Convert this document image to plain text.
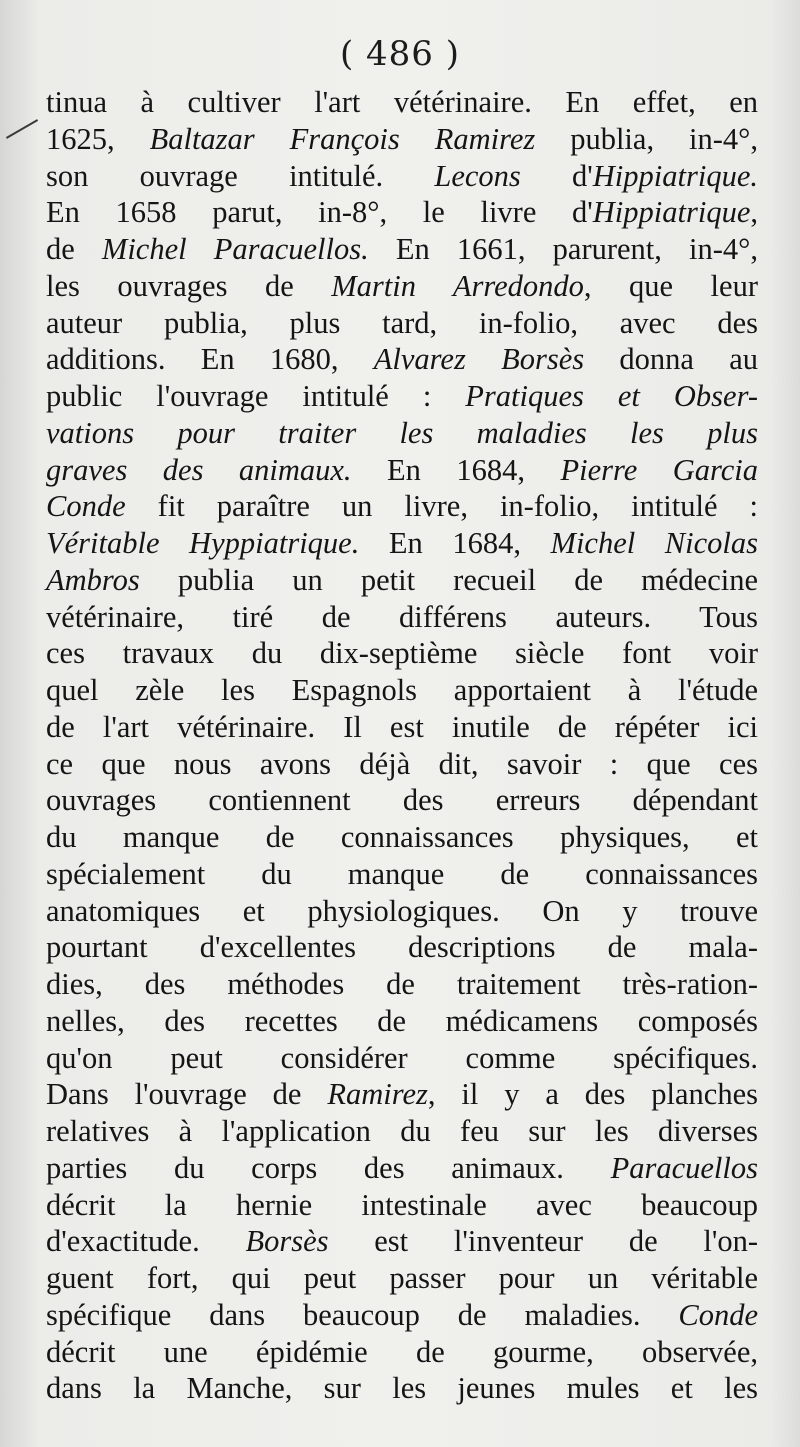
( 486 )
tinua à cultiver l'art vétérinaire. En effet, en
1625, Baltazar François Ramirez publia, in-4°,
son ouvrage intitulé. Lecons d'Hippiatrique.
En 1658 parut, in-8°, le livre d'Hippiatrique,
de Michel Paracuellos. En 1661, parurent, in-4°,
les ouvrages de Martin Arredondo, que leur
auteur publia, plus tard, in-folio, avec des
additions. En 1680, Alvarez Borsès donna au
public l'ouvrage intitulé : Pratiques et Obser-
vations pour traiter les maladies les plus
graves des animaux. En 1684, Pierre Garcia
Conde fit paraître un livre, in-folio, intitulé :
Véritable Hyppiatrique. En 1684, Michel Nicolas
Ambros publia un petit recueil de médecine
vétérinaire, tiré de différens auteurs. Tous
ces travaux du dix-septième siècle font voir
quel zèle les Espagnols apportaient à l'étude
de l'art vétérinaire. Il est inutile de répéter ici
ce que nous avons déjà dit, savoir : que ces
ouvrages contiennent des erreurs dépendant
du manque de connaissances physiques, et
spécialement du manque de connaissances
anatomiques et physiologiques. On y trouve
pourtant d'excellentes descriptions de mala-
dies, des méthodes de traitement très-ration-
nelles, des recettes de médicamens composés
qu'on peut considérer comme spécifiques.
Dans l'ouvrage de Ramirez, il y a des planches
relatives à l'application du feu sur les diverses
parties du corps des animaux. Paracuellos
décrit la hernie intestinale avec beaucoup
d'exactitude. Borsès est l'inventeur de l'on-
guent fort, qui peut passer pour un véritable
spécifique dans beaucoup de maladies. Conde
décrit une épidémie de gourme, observée,
dans la Manche, sur les jeunes mules et les
